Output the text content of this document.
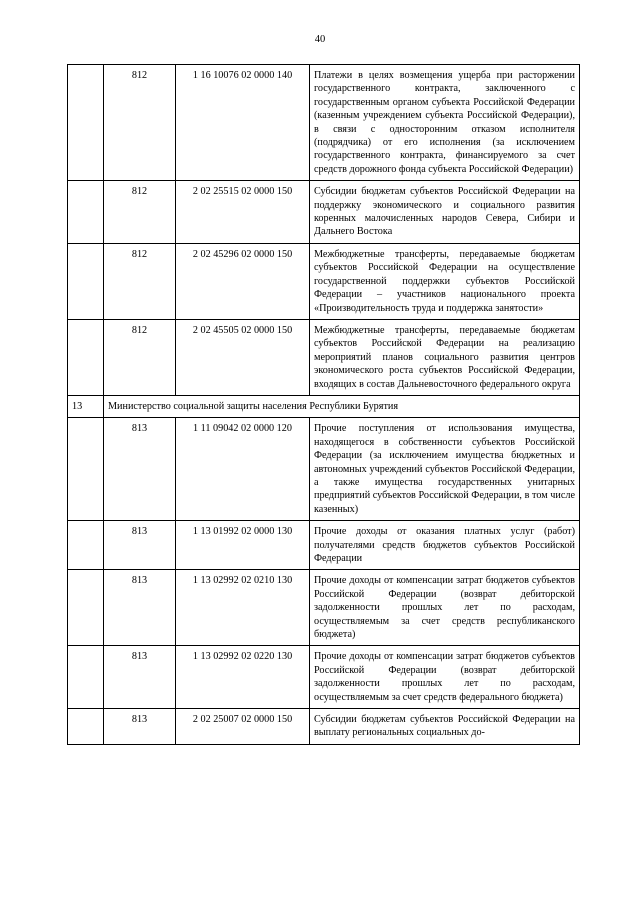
40
	812	1 16 10076 02 0000 140	Платежи в целях возмещения ущерба при расторжении государственного контракта, заключенного с государственным органом субъекта Российской Федерации (казенным учреждением субъекта Российской Федерации), в связи с односторонним отказом исполнителя (подрядчика) от его исполнения (за исключением государственного контракта, финансируемого за счет средств дорожного фонда субъекта Российской Федерации)
	812	2 02 25515 02 0000 150	Субсидии бюджетам субъектов Российской Федерации на поддержку экономического и социального развития коренных малочисленных народов Севера, Сибири и Дальнего Востока
	812	2 02 45296 02 0000 150	Межбюджетные трансферты, передаваемые бюджетам субъектов Российской Федерации на осуществление государственной поддержки субъектов Российской Федерации – участников национального проекта «Производительность труда и поддержка занятости»
	812	2 02 45505 02 0000 150	Межбюджетные трансферты, передаваемые бюджетам субъектов Российской Федерации на реализацию мероприятий планов социального развития центров экономического роста субъектов Российской Федерации, входящих в состав Дальневосточного федерального округа
13	Министерство социальной защиты населения Республики Бурятия		
	813	1 11 09042 02 0000 120	Прочие поступления от использования имущества, находящегося в собственности субъектов Российской Федерации (за исключением имущества бюджетных и автономных учреждений субъектов Российской Федерации, а также имущества государственных унитарных предприятий субъектов Российской Федерации, в том числе казенных)
	813	1 13 01992 02 0000 130	Прочие доходы от оказания платных услуг (работ) получателями средств бюджетов субъектов Российской Федерации
	813	1 13 02992 02 0210 130	Прочие доходы от компенсации затрат бюджетов субъектов Российской Федерации (возврат дебиторской задолженности прошлых лет по расходам, осуществляемым за счет средств республиканского бюджета)
	813	1 13 02992 02 0220 130	Прочие доходы от компенсации затрат бюджетов субъектов Российской Федерации (возврат дебиторской задолженности прошлых лет по расходам, осуществляемым за счет средств федерального бюджета)
	813	2 02 25007 02 0000 150	Субсидии бюджетам субъектов Российской Федерации на выплату региональных социальных до-
